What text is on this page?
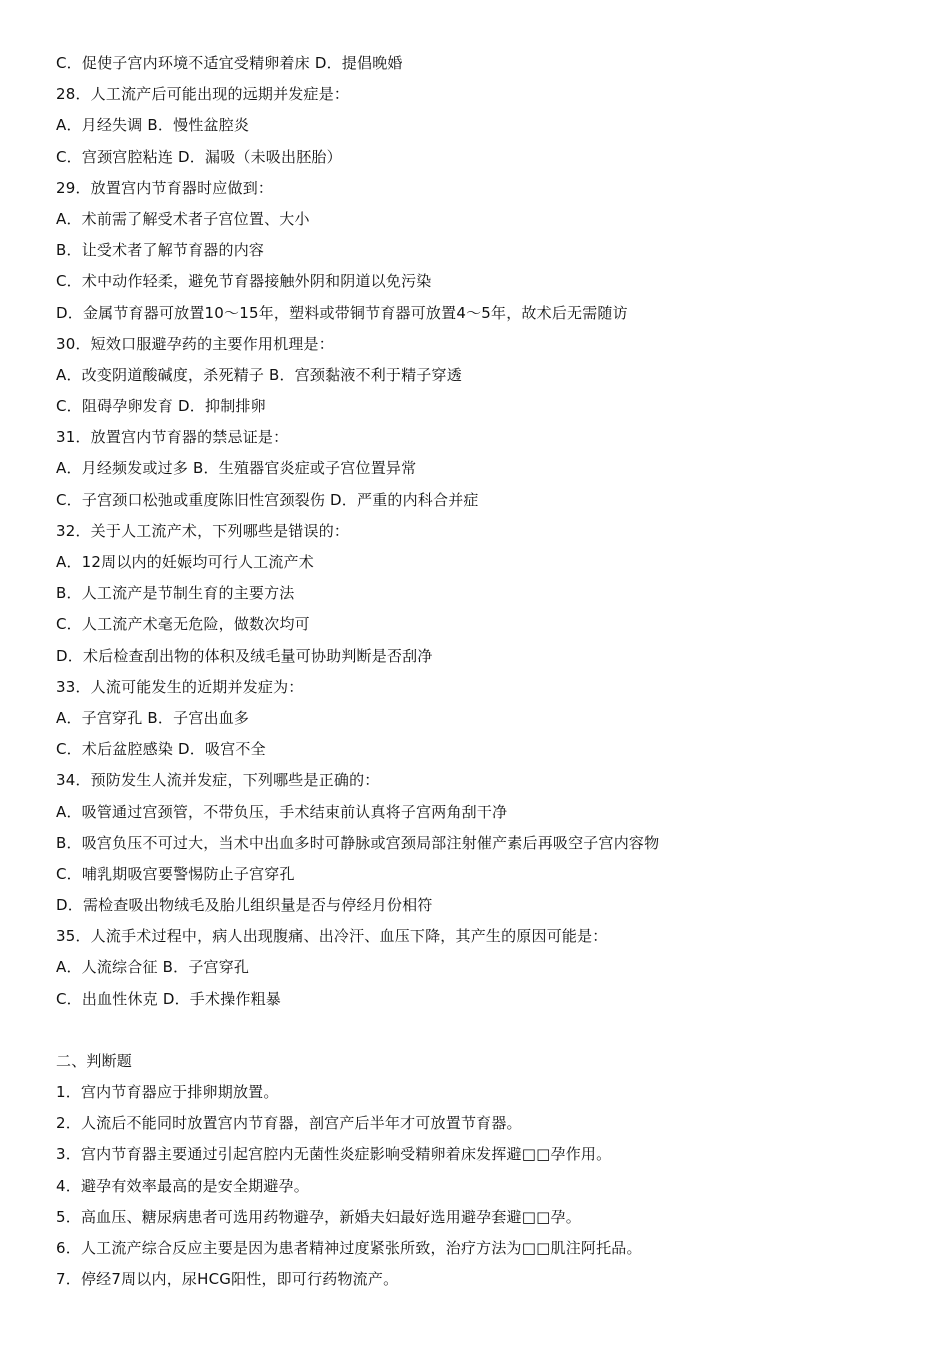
C．促使子宫内环境不适宜受精卵着床 D．提倡晚婚
28．人工流产后可能出现的远期并发症是：
A．月经失调 B．慢性盆腔炎
C．宫颈宫腔粘连 D．漏吸（未吸出胚胎）
29．放置宫内节育器时应做到：
A．术前需了解受术者子宫位置、大小
B．让受术者了解节育器的内容
C．术中动作轻柔，避免节育器接触外阴和阴道以免污染
D．金属节育器可放置10～15年，塑料或带铜节育器可放置4～5年，故术后无需随访
30．短效口服避孕药的主要作用机理是：
A．改变阴道酸碱度，杀死精子 B．宫颈黏液不利于精子穿透
C．阻碍孕卵发育 D．抑制排卵
31．放置宫内节育器的禁忌证是：
A．月经频发或过多 B．生殖器官炎症或子宫位置异常
C．子宫颈口松弛或重度陈旧性宫颈裂伤 D．严重的内科合并症
32．关于人工流产术，下列哪些是错误的：
A．12周以内的妊娠均可行人工流产术
B．人工流产是节制生育的主要方法
C．人工流产术毫无危险，做数次均可
D．术后检查刮出物的体积及绒毛量可协助判断是否刮净
33．人流可能发生的近期并发症为：
A．子宫穿孔 B．子宫出血多
C．术后盆腔感染 D．吸宫不全
34．预防发生人流并发症，下列哪些是正确的：
A．吸管通过宫颈管，不带负压，手术结束前认真将子宫两角刮干净
B．吸宫负压不可过大，当术中出血多时可静脉或宫颈局部注射催产素后再吸空子宫内容物
C．哺乳期吸宫要警惕防止子宫穿孔
D．需检查吸出物绒毛及胎儿组织量是否与停经月份相符
35．人流手术过程中，病人出现腹痛、出冷汗、血压下降，其产生的原因可能是：
A．人流综合征 B．子宫穿孔
C．出血性休克 D．手术操作粗暴
二、判断题
1．宫内节育器应于排卵期放置。
2．人流后不能同时放置宫内节育器，剖宫产后半年才可放置节育器。
3．宫内节育器主要通过引起宫腔内无菌性炎症影响受精卵着床发挥避□□孕作用。
4．避孕有效率最高的是安全期避孕。
5．高血压、糖尿病患者可选用药物避孕，新婚夫妇最好选用避孕套避□□孕。
6．人工流产综合反应主要是因为患者精神过度紧张所致，治疗方法为□□肌注阿托品。
7．停经7周以内，尿HCG阳性，即可行药物流产。
